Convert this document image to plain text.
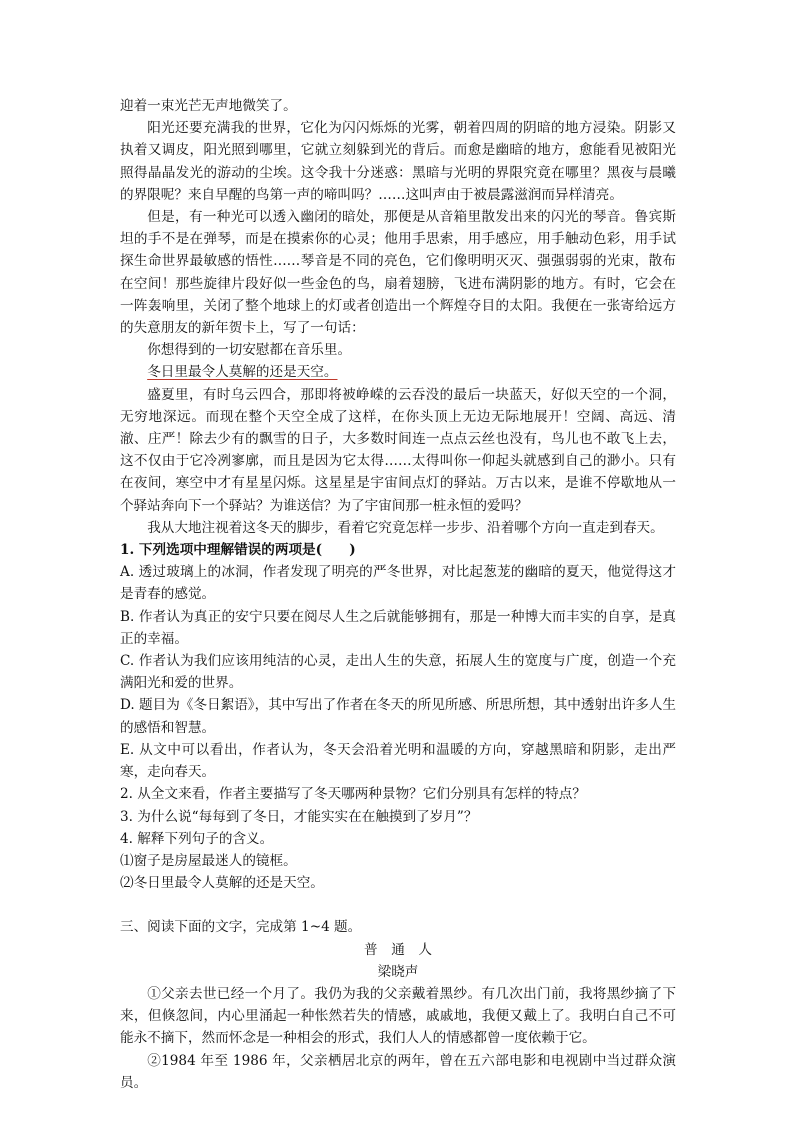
迎着一束光芒无声地微笑了。

阳光还要充满我的世界，它化为闪闪烁烁的光雾，朝着四周的阴暗的地方浸染。阴影又执着又调皮，阳光照到哪里，它就立刻躲到光的背后。而愈是幽暗的地方，愈能看见被阳光照得晶晶发光的游动的尘埃。这令我十分迷惑：黑暗与光明的界限究竟在哪里？黑夜与晨曦的界限呢？来自早醒的鸟第一声的啼叫吗？……这叫声由于被晨露滋润而异样清亮。

但是，有一种光可以透入幽闭的暗处，那便是从音箱里散发出来的闪光的琴音。鲁宾斯坦的手不是在弹琴，而是在摸索你的心灵；他用手思索，用手感应，用手触动色彩，用手试探生命世界最敏感的悟性……琴音是不同的亮色，它们像明明灭灭、强强弱弱的光束，散布在空间！那些旋律片段好似一些金色的鸟，扇着翅膀，飞进布满阴影的地方。有时，它会在一阵轰响里，关闭了整个地球上的灯或者创造出一个辉煌夺目的太阳。我便在一张寄给远方的失意朋友的新年贺卡上，写了一句话：

你想得到的一切安慰都在音乐里。

冬日里最令人莫解的还是天空。

盛夏里，有时乌云四合，那即将被峥嵘的云吞没的最后一块蓝天，好似天空的一个洞，无穷地深远。而现在整个天空全成了这样，在你头顶上无边无际地展开！空阔、高远、清澈、庄严！除去少有的飘雪的日子，大多数时间连一点点云丝也没有，鸟儿也不敢飞上去，这不仅由于它冷冽寥廓，而且是因为它太得……太得叫你一仰起头就感到自己的渺小。只有在夜间，寒空中才有星星闪烁。这星星是宇宙间点灯的驿站。万古以来，是谁不停歇地从一个驿站奔向下一个驿站？为谁送信？为了宇宙间那一桩永恒的爱吗？

我从大地注视着这冬天的脚步，看着它究竟怎样一步步、沿着哪个方向一直走到春天。

1. 下列选项中理解错误的两项是(　　)

A. 透过玻璃上的冰洞，作者发现了明亮的严冬世界，对比起葱茏的幽暗的夏天，他觉得这才是青春的感觉。

B. 作者认为真正的安宁只要在阅尽人生之后就能够拥有，那是一种博大而丰实的自享，是真正的幸福。

C. 作者认为我们应该用纯洁的心灵，走出人生的失意，拓展人生的宽度与广度，创造一个充满阳光和爱的世界。

D. 题目为《冬日絮语》，其中写出了作者在冬天的所见所感、所思所想，其中透射出许多人生的感悟和智慧。

E. 从文中可以看出，作者认为，冬天会沿着光明和温暖的方向，穿越黑暗和阴影，走出严寒，走向春天。

2. 从全文来看，作者主要描写了冬天哪两种景物？它们分别具有怎样的特点？

3. 为什么说“每每到了冬日，才能实实在在触摸到了岁月”？

4. 解释下列句子的含义。

⑴窗子是房屋最迷人的镜框。

⑵冬日里最令人莫解的还是天空。

三、阅读下面的文字，完成第 1~4 题。

普　通　人

梁晓声

①父亲去世已经一个月了。我仍为我的父亲戴着黑纱。有几次出门前，我将黑纱摘了下来，但倏忽间，内心里涌起一种怅然若失的情感，戚戚地，我便又戴上了。我明白自己不可能永不摘下，然而怀念是一种相会的形式，我们人人的情感都曾一度依赖于它。

②1984 年至 1986 年，父亲栖居北京的两年，曾在五六部电影和电视剧中当过群众演员。
